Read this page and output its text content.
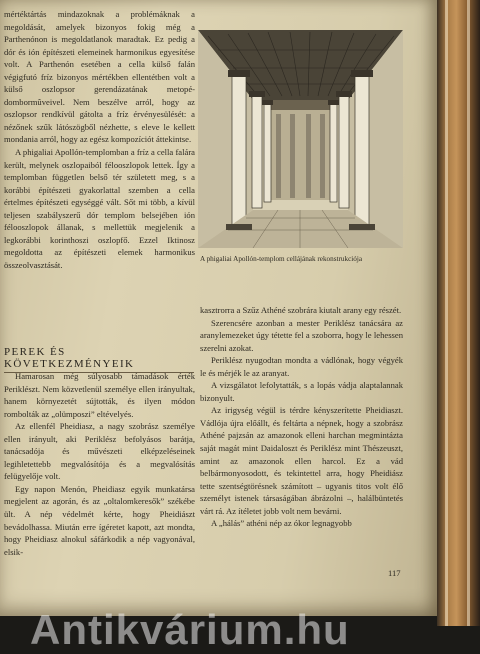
mértéktártás mindazoknak a problémáknak a megoldását, amelyek bizonyos fokig még a Parthenónon is megoldatlanok maradtak. Ez pedig a dór és ión építészeti elemeinek harmonikus egyesítése volt. A Parthenón esetében a cella külső falán végigfutó fríz bizonyos mértékben ellentétben volt a külső oszlopsor gerendázatának metopé-dombormûveivel. Nem beszélve arról, hogy az oszlopsor rendkívül gátolta a fríz érvényesülését: a nézőnek szűk látószögből nézhette, s eleve le kellett mondania arról, hogy az egész kompozíciót áttekintse.

A phigaliai Apollón-templomban a fríz a cella falára került, melynek oszlopaiból félooszlopok lettek. Így a templomban független belső tér született meg, s a korábbi építészeti gyakorlattal szemben a cella értelmes építészeti egységgé vált. Sőt mi több, a kívül teljesen szabályszerű dór templom belsejében ión félooszlopok állanak, s mellettük megjelenik a legkorábbi korinthoszi oszlopfő. Ezzel Iktinosz megoldotta az építészeti elemek harmonikus összeolvasztását.

PEREK ÉS KÖVETKEZMÉNYEIK

Hamarosan még súlyosabb támadások érték Periklészt. Nem közvetlenül személye ellen irányultak, hanem környezetét sújtották, és ilyen módon rombolták az „olümposzi” eltévelyés.

Az ellenfél Pheidiasz, a nagy szobrász személye ellen irányult, aki Periklész befolyásos barátja, tanácsadója és művészeti elképzeléseinek legihletettebb megvalósítója és a megvalósítás felügyelője volt.

Egy napon Menón, Pheidiasz egyik munkatársa megjelent az agorán, és az „oltalomkeresők” székébe ült. A nép védelmét kérte, hogy Pheidiászt bevádolhassa. Miután erre ígéretet kapott, azt mondta, hogy Pheidiasz alnokul sáfárkodik a nép vagyonával, elsik-

A phigaliai Apollón-templom cellájának rekonstrukciója

kasztrorra a Szűz Athéné szobrára kiutalt arany egy részét.

Szerencsére azonban a mester Periklész tanácsára az aranylemezeket úgy tétette fel a szoborra, hogy le lehessen szerelni azokat.

Periklész nyugodtan mondta a vádlónak, hogy végyék le és mérjék le az aranyat.

A vizsgálatot lefolytatták, s a lopás vádja alaptalannak bizonyult.

Az irigység végül is térdre kényszerítette Pheidiaszt. Vádlója újra előállt, és feltárta a népnek, hogy a szobrász Athéné pajzsán az amazonok elleni harchan megmintázta saját magát mint Daidaloszt és Periklész mint Thészeuszt, amint az amazonok ellen harcol. Ez a vád belbármonyosodott, és tekintettel arra, hogy Pheidiász tette szentségtörésnek számított – ugyanis titos volt élő személyt istenek társaságában ábrázolni –, halálbüntetés várt rá. Az ítéletet jobb volt nem bevárni.

A „hálás” athéni nép az ókor legnagyobb

117
Antikvárium.hu
